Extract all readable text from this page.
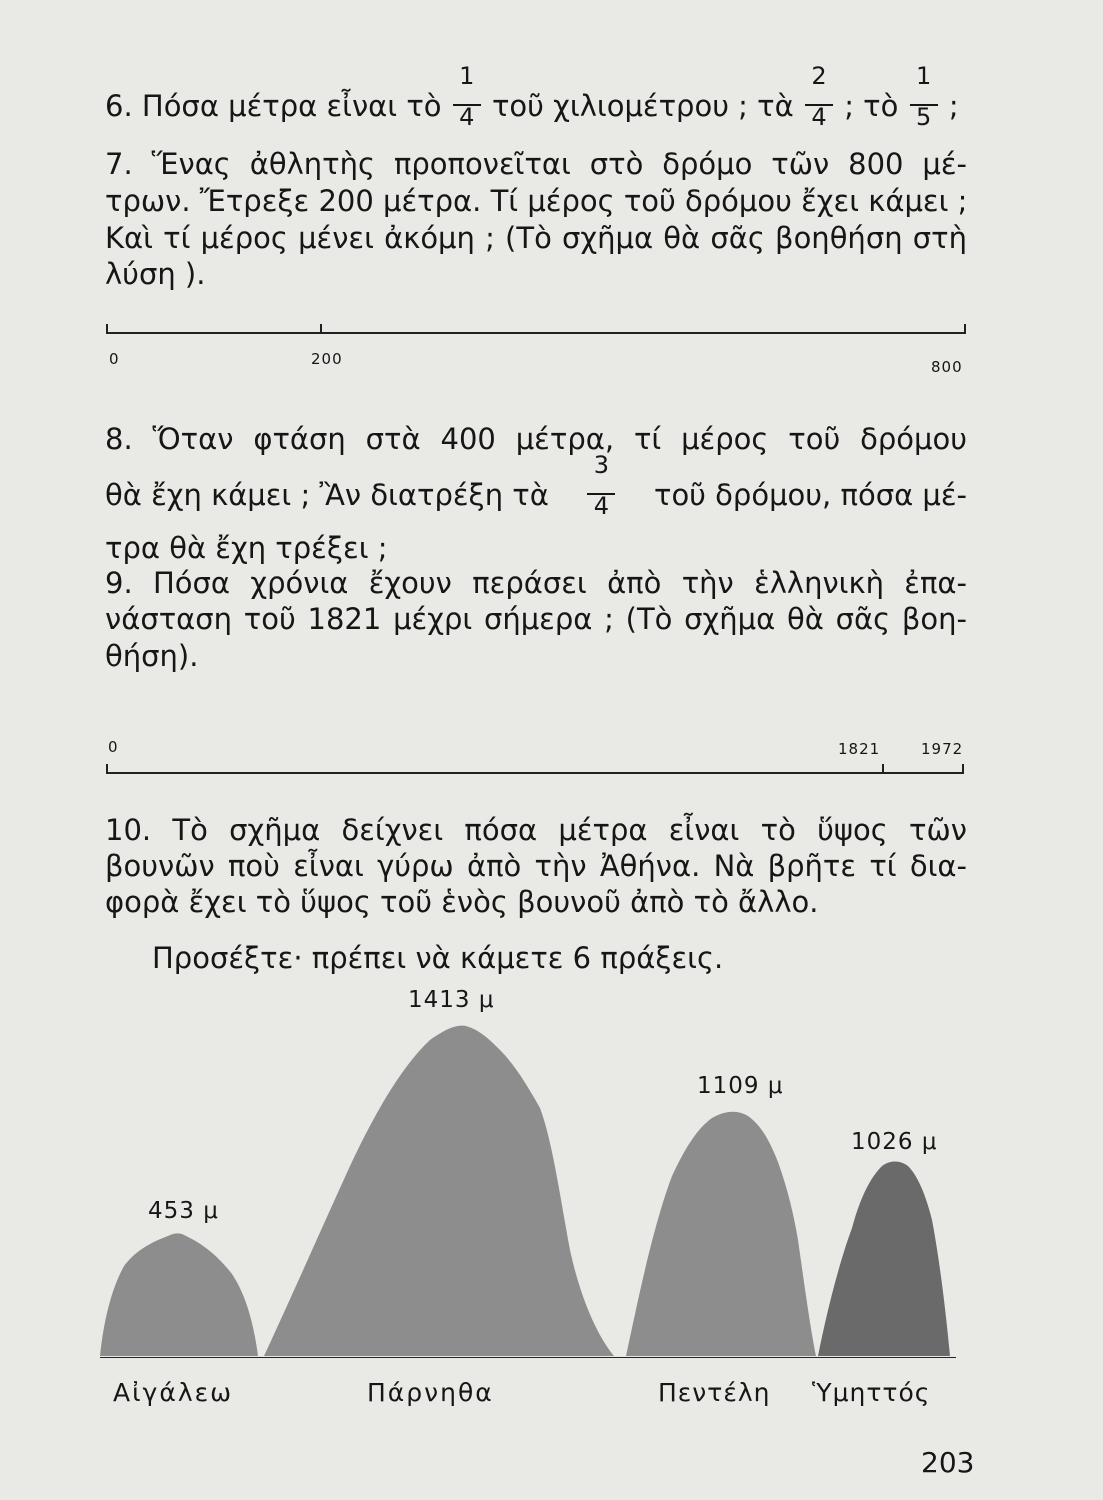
6. Πόσα μέτρα εἶναι τὸ $\frac{1}{4}$ τοῦ χιλιομέτρου ; τὰ $\frac{2}{4}$ ; τὸ $\frac{1}{5}$ ;
7. Ἕνας ἀθλητὴς προπονεῖται στὸ δρόμο τῶν 800 μέ-
τρων. Ἔτρεξε 200 μέτρα. Τί μέρος τοῦ δρόμου ἔχει κάμει ;
Καὶ τί μέρος μένει ἀκόμη ; (Τὸ σχῆμα θὰ σᾶς βοηθήση στὴ
λύση ).
0	200	800
8. Ὅταν φτάση στὰ 400 μέτρα, τί μέρος τοῦ δρόμου
θὰ ἔχη κάμει ; Ἂν διατρέξη τὰ $\frac{3}{4}$ τοῦ δρόμου, πόσα μέ-
τρα θὰ ἔχη τρέξει ;
9. Πόσα χρόνια ἔχουν περάσει ἀπὸ τὴν ἑλληνικὴ ἐπα-
νάσταση τοῦ 1821 μέχρι σήμερα ; (Τὸ σχῆμα θὰ σᾶς βοη-
θήση).
0	1821	1972
10. Τὸ σχῆμα δείχνει πόσα μέτρα εἶναι τὸ ὕψος τῶν
βουνῶν ποὺ εἶναι γύρω ἀπὸ τὴν Ἀθήνα. Νὰ βρῆτε τί δια-
φορὰ ἔχει τὸ ὕψος τοῦ ἑνὸς βουνοῦ ἀπὸ τὸ ἄλλο.
Προσέξτε· πρέπει νὰ κάμετε 6 πράξεις.
453 μ
1413 μ
1109 μ
1026 μ
Αἰγάλεω	Πάρνηθα	Πεντέλη Ὑμηττός
203
